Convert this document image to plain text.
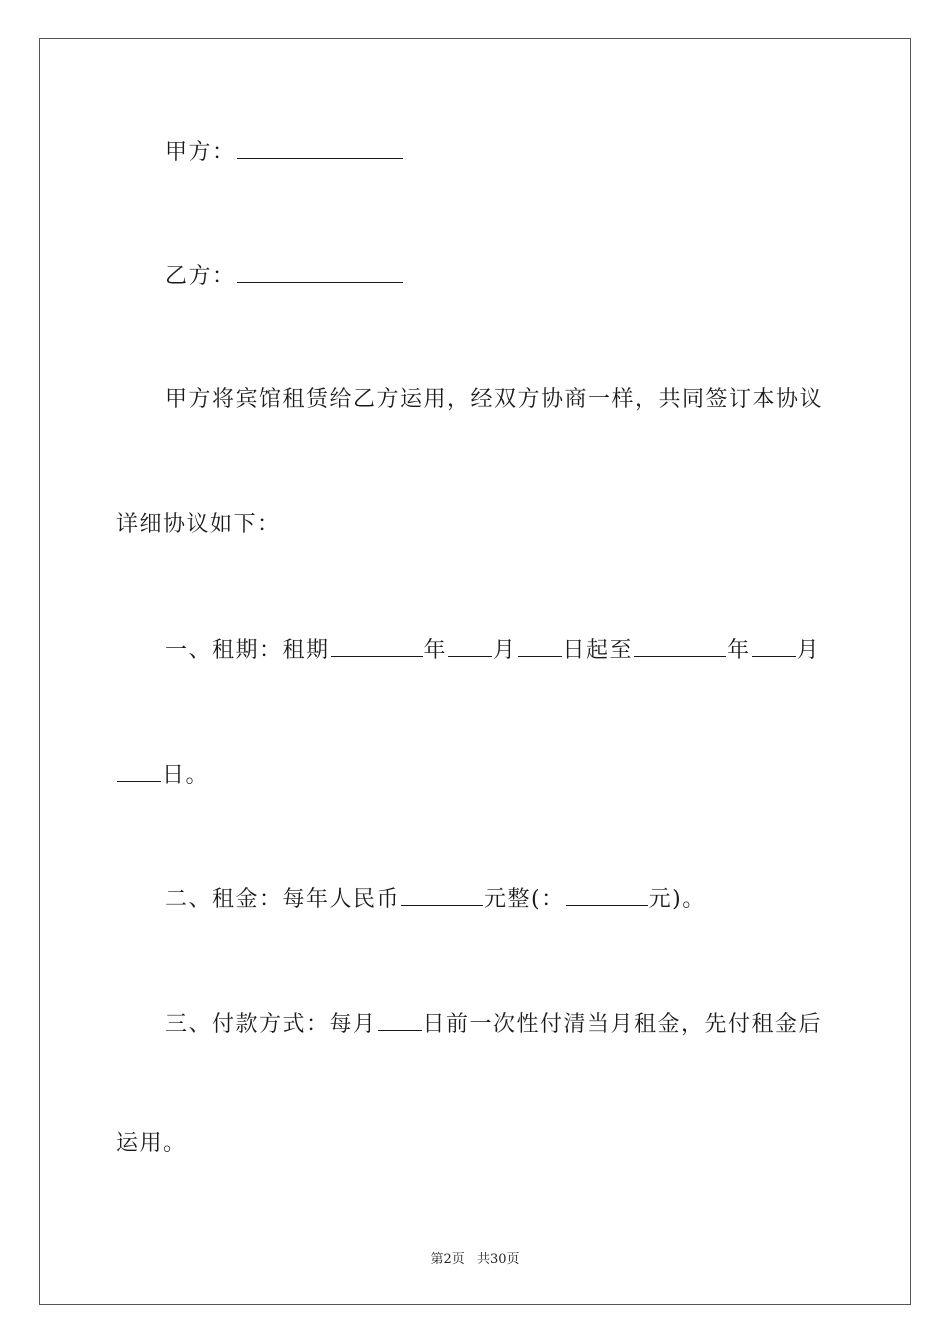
甲方：
乙方：
甲方将宾馆租赁给乙方运用，经双方协商一样，共同签订本协议
详细协议如下：
一、租期：租期	年 月 日起至	年 月
日。
二、租金：每年人民币	元整(：	元)。
三、付款方式：每月 日前一次性付清当月租金，先付租金后
运用。
第2页 共30页
